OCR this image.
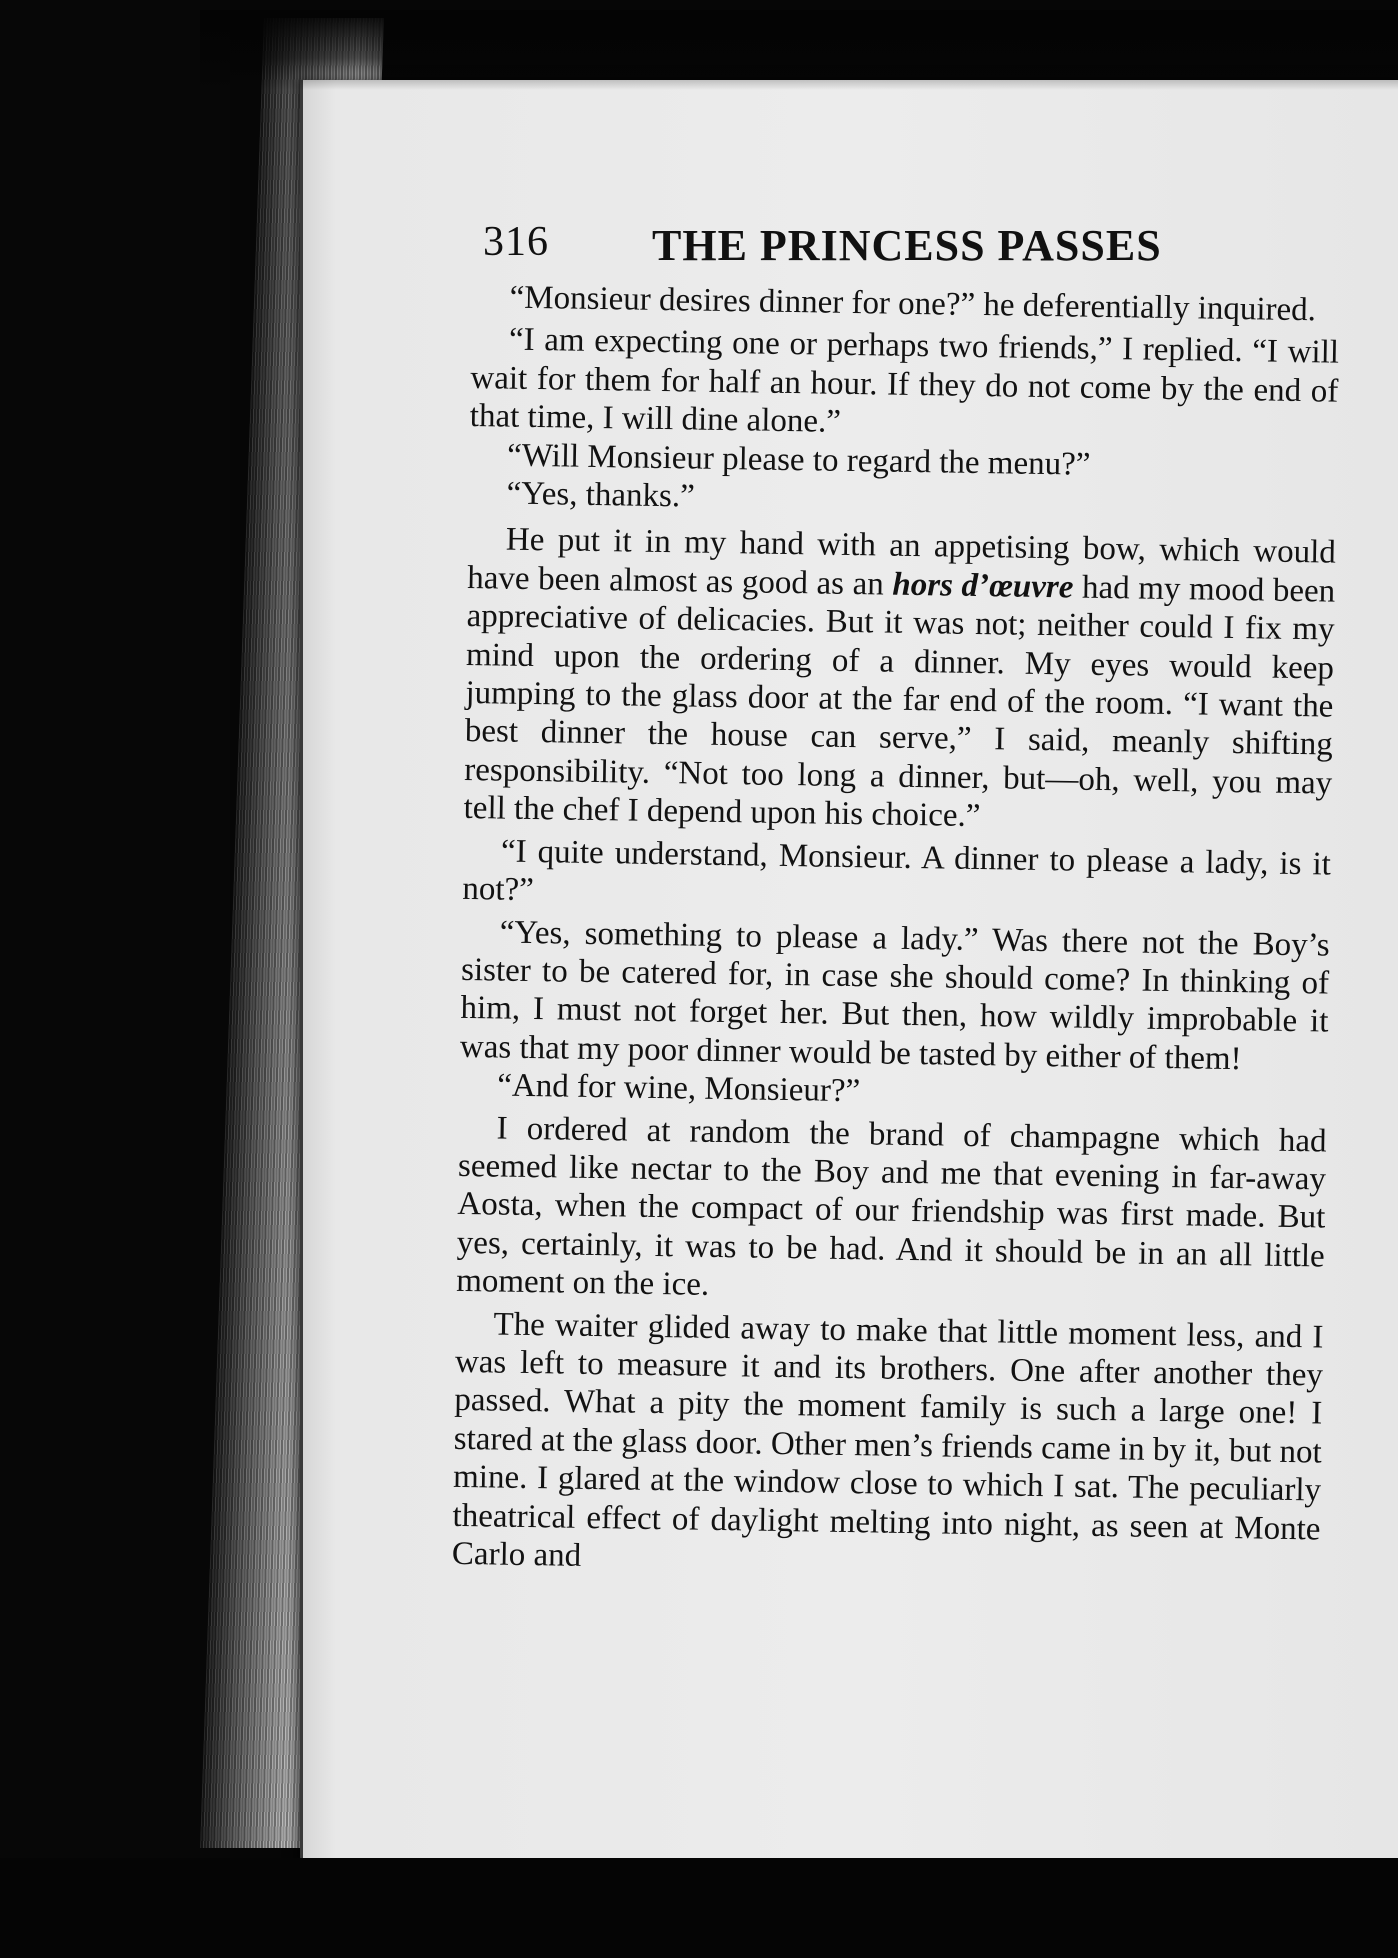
316 THE PRINCESS PASSES

“Monsieur desires dinner for one?” he deferentially inquired.

“I am expecting one or perhaps two friends,” I replied. “I will wait for them for half an hour. If they do not come by the end of that time, I will dine alone.”

“Will Monsieur please to regard the menu?”

“Yes, thanks.”

He put it in my hand with an appetising bow, which would have been almost as good as an hors d’œuvre had my mood been appreciative of delicacies. But it was not; neither could I fix my mind upon the ordering of a dinner. My eyes would keep jumping to the glass door at the far end of the room. “I want the best dinner the house can serve,” I said, meanly shifting responsibility. “Not too long a dinner, but—oh, well, you may tell the chef I depend upon his choice.”

“I quite understand, Monsieur. A dinner to please a lady, is it not?”

“Yes, something to please a lady.” Was there not the Boy’s sister to be catered for, in case she should come? In thinking of him, I must not forget her. But then, how wildly improbable it was that my poor dinner would be tasted by either of them!

“And for wine, Monsieur?”

I ordered at random the brand of champagne which had seemed like nectar to the Boy and me that evening in far-away Aosta, when the compact of our friendship was first made. But yes, certainly, it was to be had. And it should be in an all little moment on the ice.

The waiter glided away to make that little moment less, and I was left to measure it and its brothers. One after another they passed. What a pity the moment family is such a large one! I stared at the glass door. Other men’s friends came in by it, but not mine. I glared at the window close to which I sat. The peculiarly theatrical effect of daylight melting into night, as seen at Monte Carlo and
